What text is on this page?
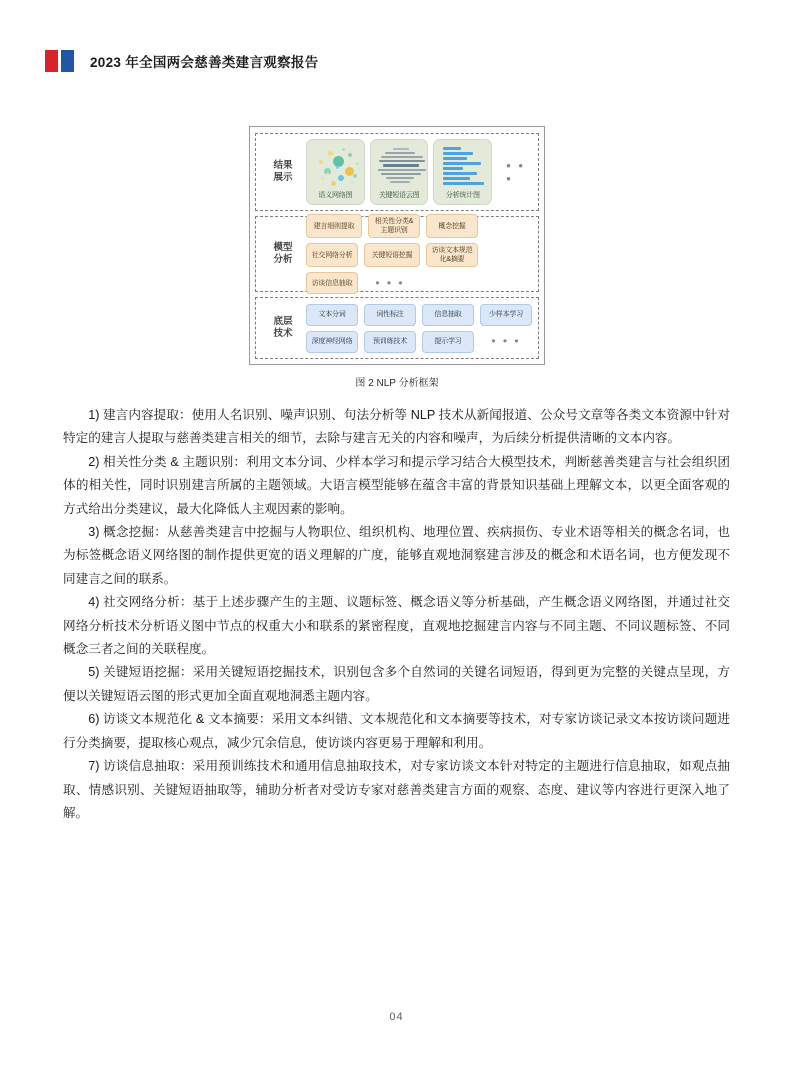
2023 年全国两会慈善类建言观察报告
结果
展示
语义网络图	关键短语云图	分析统计图
• • •
模型
分析
建言细则提取
相关性分类& 主题识别
概念挖掘
社交网络分析	关键短语挖掘
访谈文本规范 化&摘要
访谈信息抽取	• • •
底层
技术
文本分词	词性标注	信息抽取	少样本学习
深度神经网络	预训练技术	提示学习	• • •
图 2 NLP 分析框架

1) 建言内容提取：使用人名识别、噪声识别、句法分析等 NLP 技术从新闻报道、公众号文章等各类文本资源中针对特定的建言人提取与慈善类建言相关的细节，去除与建言无关的内容和噪声，为后续分析提供清晰的文本内容。

2) 相关性分类 & 主题识别：利用文本分词、少样本学习和提示学习结合大模型技术，判断慈善类建言与社会组织团体的相关性，同时识别建言所属的主题领域。大语言模型能够在蕴含丰富的背景知识基础上理解文本，以更全面客观的方式给出分类建议，最大化降低人主观因素的影响。

3) 概念挖掘：从慈善类建言中挖掘与人物职位、组织机构、地理位置、疾病损伤、专业术语等相关的概念名词，也为标签概念语义网络图的制作提供更宽的语义理解的广度，能够直观地洞察建言涉及的概念和术语名词，也方便发现不同建言之间的联系。

4) 社交网络分析：基于上述步骤产生的主题、议题标签、概念语义等分析基础，产生概念语义网络图，并通过社交网络分析技术分析语义图中节点的权重大小和联系的紧密程度，直观地挖掘建言内容与不同主题、不同议题标签、不同概念三者之间的关联程度。

5) 关键短语挖掘：采用关键短语挖掘技术，识别包含多个自然词的关键名词短语，得到更为完整的关键点呈现，方便以关键短语云图的形式更加全面直观地洞悉主题内容。

6) 访谈文本规范化 & 文本摘要：采用文本纠错、文本规范化和文本摘要等技术，对专家访谈记录文本按访谈问题进行分类摘要，提取核心观点，减少冗余信息，使访谈内容更易于理解和利用。

7) 访谈信息抽取：采用预训练技术和通用信息抽取技术，对专家访谈文本针对特定的主题进行信息抽取，如观点抽取、情感识别、关键短语抽取等，辅助分析者对受访专家对慈善类建言方面的观察、态度、建议等内容进行更深入地了解。

04
